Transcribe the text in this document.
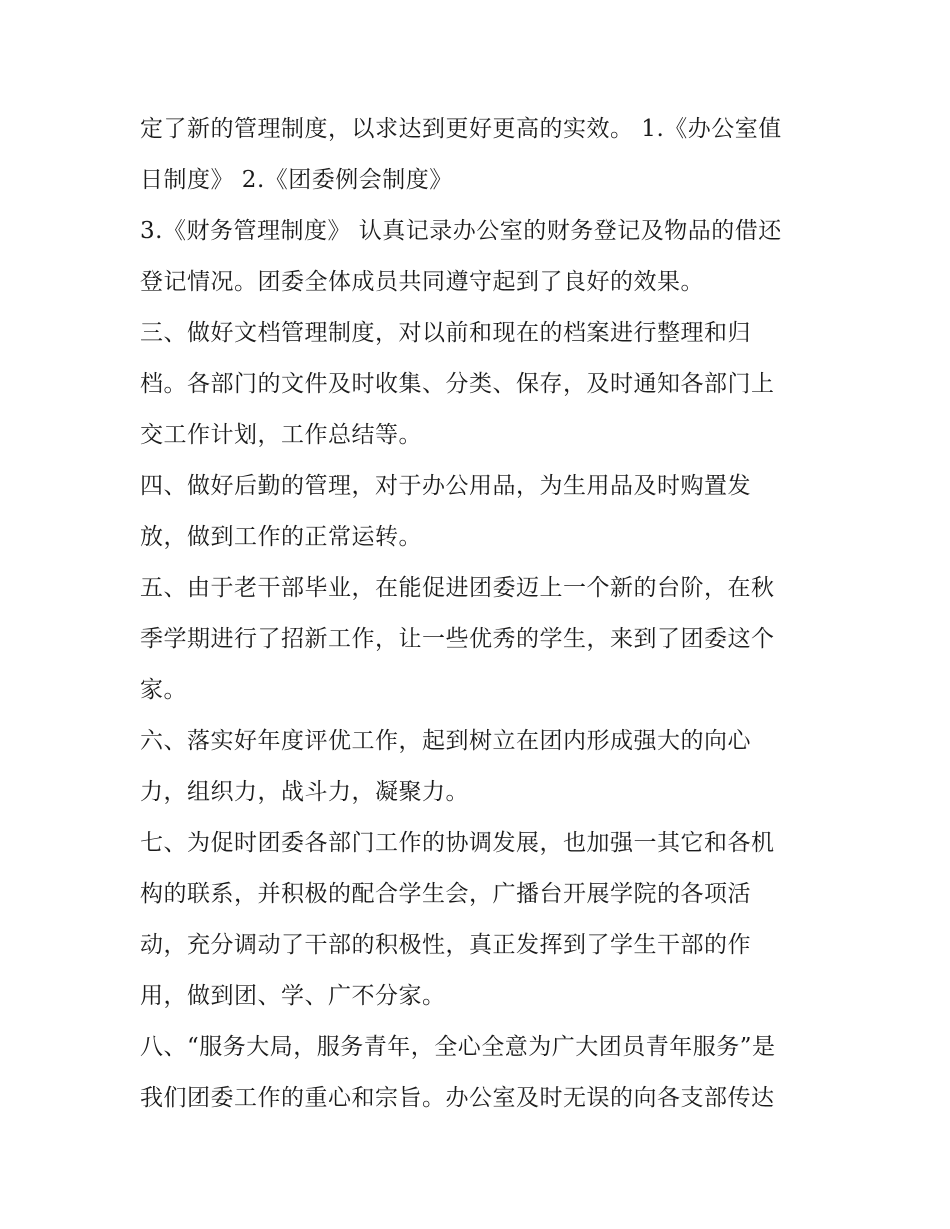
定了新的管理制度，以求达到更好更高的实效。 1.《办公室值
日制度》 2.《团委例会制度》

3.《财务管理制度》 认真记录办公室的财务登记及物品的借还
登记情况。团委全体成员共同遵守起到了良好的效果。

三、做好文档管理制度，对以前和现在的档案进行整理和归
档。各部门的文件及时收集、分类、保存，及时通知各部门上
交工作计划，工作总结等。

四、做好后勤的管理，对于办公用品，为生用品及时购置发
放，做到工作的正常运转。

五、由于老干部毕业，在能促进团委迈上一个新的台阶，在秋
季学期进行了招新工作，让一些优秀的学生，来到了团委这个
家。

六、落实好年度评优工作，起到树立在团内形成强大的向心
力，组织力，战斗力，凝聚力。

七、为促时团委各部门工作的协调发展，也加强一其它和各机
构的联系，并积极的配合学生会，广播台开展学院的各项活
动，充分调动了干部的积极性，真正发挥到了学生干部的作
用，做到团、学、广不分家。

八、“服务大局，服务青年，全心全意为广大团员青年服务”是
我们团委工作的重心和宗旨。办公室及时无误的向各支部传达
